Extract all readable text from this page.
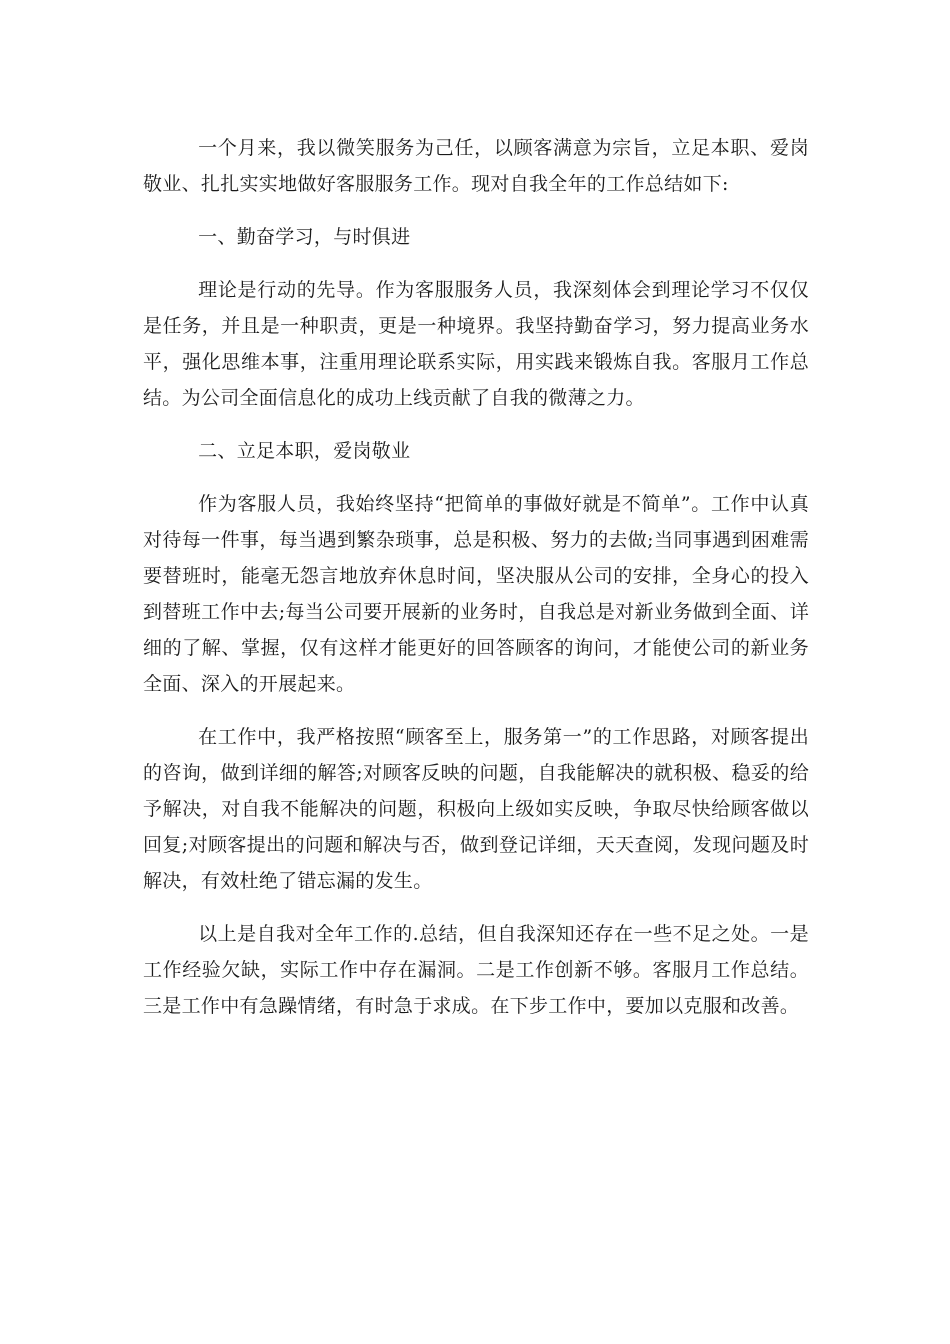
一个月来，我以微笑服务为己任，以顾客满意为宗旨，立足本职、爱岗敬业、扎扎实实地做好客服服务工作。现对自我全年的工作总结如下:

一、勤奋学习，与时俱进

理论是行动的先导。作为客服服务人员，我深刻体会到理论学习不仅仅是任务，并且是一种职责，更是一种境界。我坚持勤奋学习，努力提高业务水平，强化思维本事，注重用理论联系实际，用实践来锻炼自我。客服月工作总结。为公司全面信息化的成功上线贡献了自我的微薄之力。

二、立足本职，爱岗敬业

作为客服人员，我始终坚持“把简单的事做好就是不简单”。工作中认真对待每一件事，每当遇到繁杂琐事，总是积极、努力的去做;当同事遇到困难需要替班时，能毫无怨言地放弃休息时间，坚决服从公司的安排，全身心的投入到替班工作中去;每当公司要开展新的业务时，自我总是对新业务做到全面、详细的了解、掌握，仅有这样才能更好的回答顾客的询问，才能使公司的新业务全面、深入的开展起来。

在工作中，我严格按照“顾客至上，服务第一”的工作思路，对顾客提出的咨询，做到详细的解答;对顾客反映的问题，自我能解决的就积极、稳妥的给予解决，对自我不能解决的问题，积极向上级如实反映，争取尽快给顾客做以回复;对顾客提出的问题和解决与否，做到登记详细，天天查阅，发现问题及时解决，有效杜绝了错忘漏的发生。

以上是自我对全年工作的.总结，但自我深知还存在一些不足之处。一是工作经验欠缺，实际工作中存在漏洞。二是工作创新不够。客服月工作总结。三是工作中有急躁情绪，有时急于求成。在下步工作中，要加以克服和改善。
